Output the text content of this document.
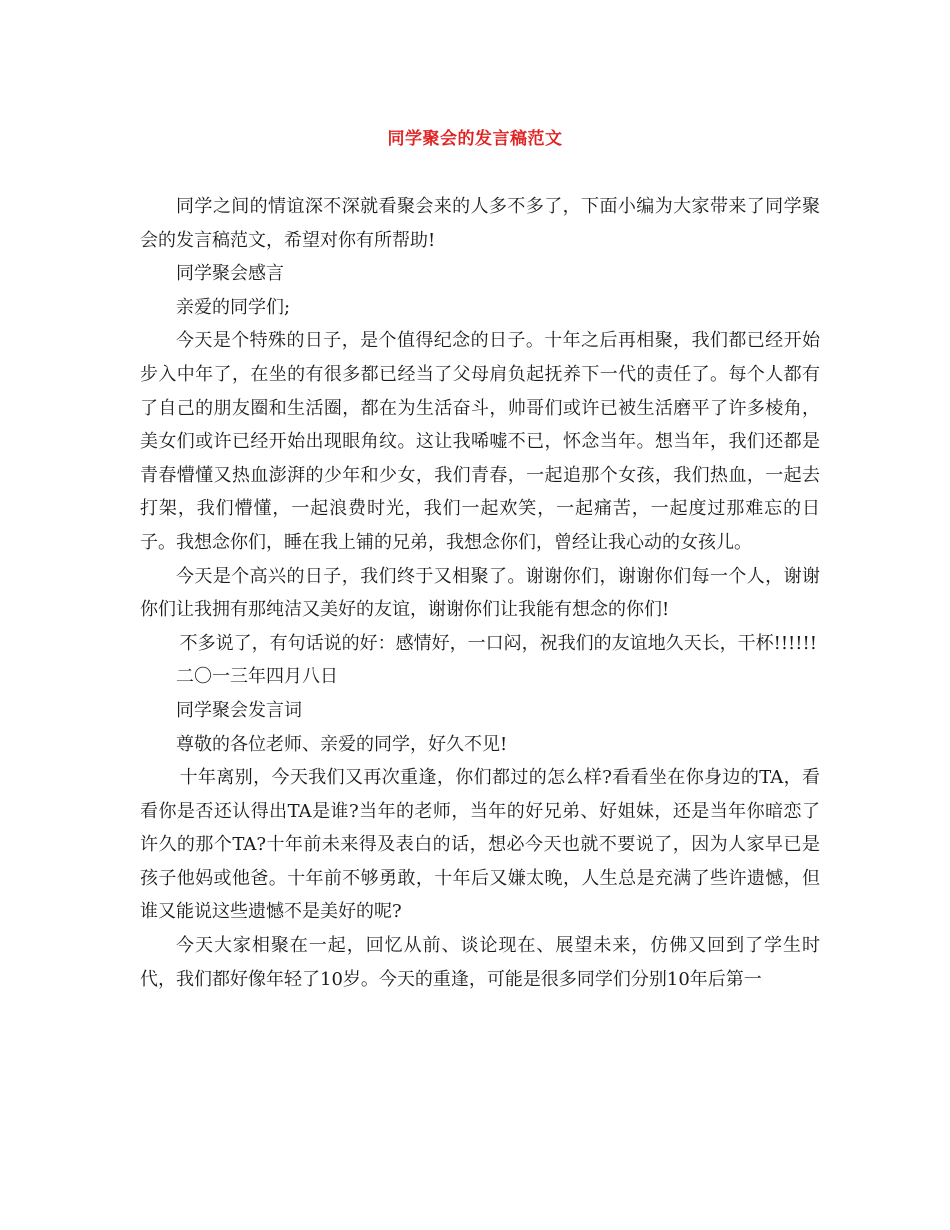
同学聚会的发言稿范文

同学之间的情谊深不深就看聚会来的人多不多了，下面小编为大家带来了同学聚会的发言稿范文，希望对你有所帮助!

同学聚会感言

亲爱的同学们;

今天是个特殊的日子，是个值得纪念的日子。十年之后再相聚，我们都已经开始步入中年了，在坐的有很多都已经当了父母肩负起抚养下一代的责任了。每个人都有了自己的朋友圈和生活圈，都在为生活奋斗，帅哥们或许已被生活磨平了许多棱角，美女们或许已经开始出现眼角纹。这让我唏嘘不已，怀念当年。想当年，我们还都是青春懵懂又热血澎湃的少年和少女，我们青春，一起追那个女孩，我们热血，一起去打架，我们懵懂，一起浪费时光，我们一起欢笑，一起痛苦，一起度过那难忘的日子。我想念你们，睡在我上铺的兄弟，我想念你们，曾经让我心动的女孩儿。

今天是个高兴的日子，我们终于又相聚了。谢谢你们，谢谢你们每一个人，谢谢你们让我拥有那纯洁又美好的友谊，谢谢你们让我能有想念的你们!

不多说了，有句话说的好：感情好，一口闷，祝我们的友谊地久天长，干杯!!!!!!

二〇一三年四月八日

同学聚会发言词

尊敬的各位老师、亲爱的同学，好久不见!

十年离别，今天我们又再次重逢，你们都过的怎么样?看看坐在你身边的TA，看看你是否还认得出TA是谁?当年的老师，当年的好兄弟、好姐妹，还是当年你暗恋了许久的那个TA?十年前未来得及表白的话，想必今天也就不要说了，因为人家早已是孩子他妈或他爸。十年前不够勇敢，十年后又嫌太晚，人生总是充满了些许遗憾，但谁又能说这些遗憾不是美好的呢?

今天大家相聚在一起，回忆从前、谈论现在、展望未来，仿佛又回到了学生时代，我们都好像年轻了10岁。今天的重逢，可能是很多同学们分别10年后第一
